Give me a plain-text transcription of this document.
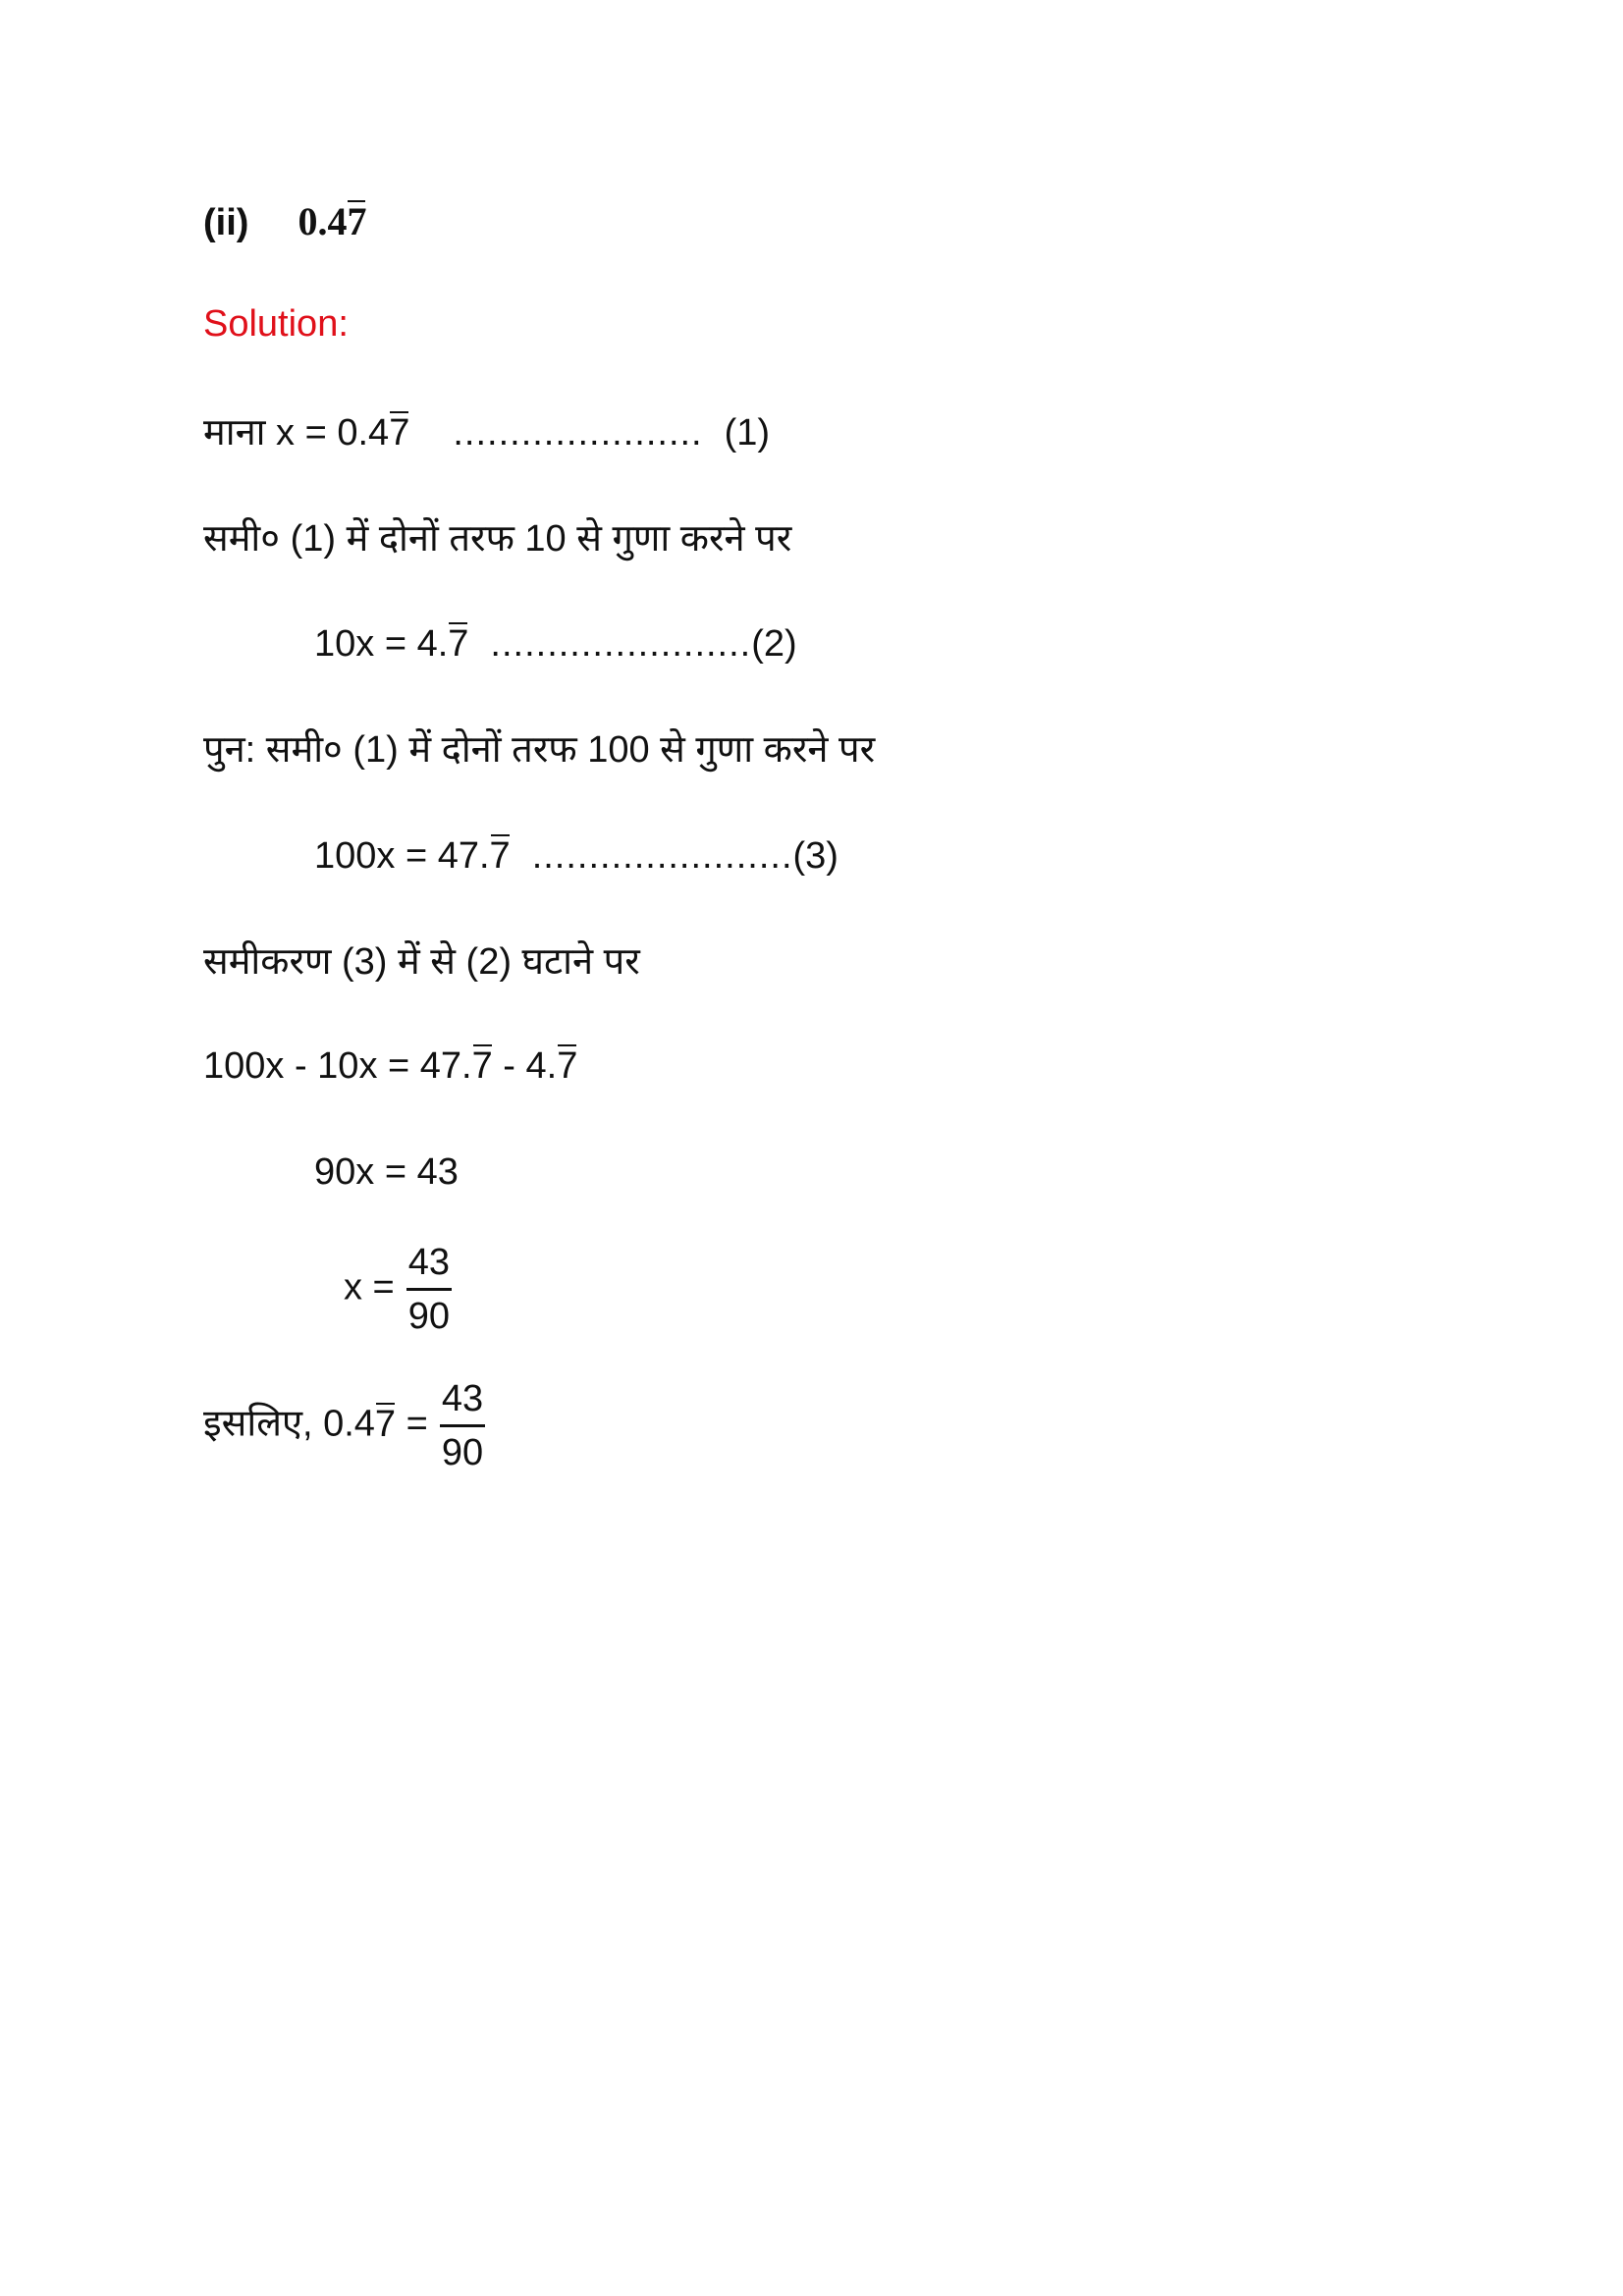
(ii) 0.47
Solution:
माना x = 0.47 ...................... (1)
समी० (1) में दोनों तरफ 10 से गुणा करने पर
10x = 4.7 .......................(2)
पुन: समी० (1) में दोनों तरफ 100 से गुणा करने पर
100x = 47.7 .......................(3)
समीकरण (3) में से (2) घटाने पर
100x - 10x = 47.7 - 4.7
90x = 43
$x = \frac{43}{90}$
इसलिए, $0.47 = \frac{43}{90}$
